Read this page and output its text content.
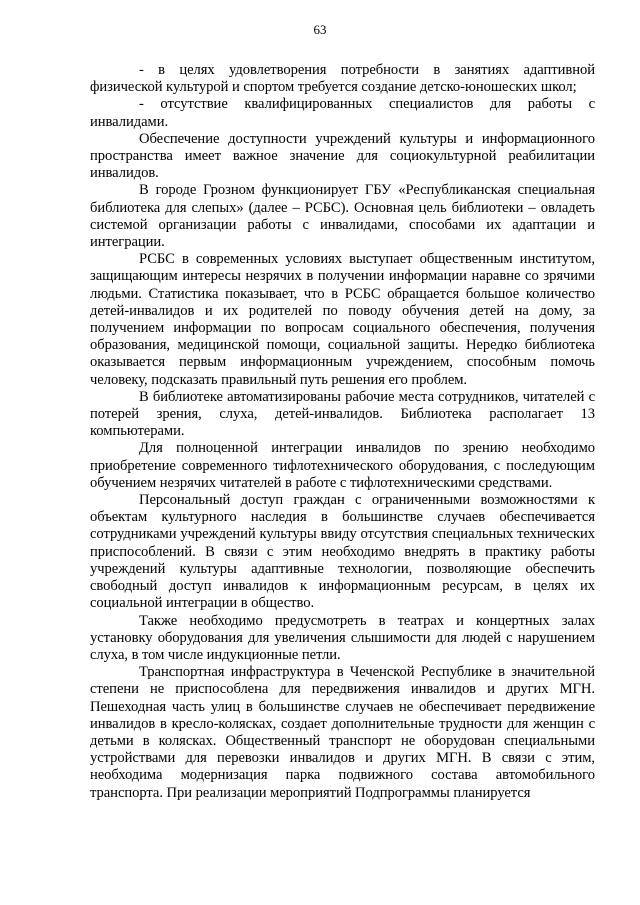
63

- в целях удовлетворения потребности в занятиях адаптивной физической культурой и спортом требуется создание детско-юношеских школ;

- отсутствие квалифицированных специалистов для работы с инвалидами.

Обеспечение доступности учреждений культуры и информационного пространства имеет важное значение для социокультурной реабилитации инвалидов.

В городе Грозном функционирует ГБУ «Республиканская специальная библиотека для слепых» (далее – РСБС). Основная цель библиотеки – овладеть системой организации работы с инвалидами, способами их адаптации и интеграции.

РСБС в современных условиях выступает общественным институтом, защищающим интересы незрячих в получении информации наравне со зрячими людьми. Статистика показывает, что в РСБС обращается большое количество детей-инвалидов и их родителей по поводу обучения детей на дому, за получением информации по вопросам социального обеспечения, получения образования, медицинской помощи, социальной защиты. Нередко библиотека оказывается первым информационным учреждением, способным помочь человеку, подсказать правильный путь решения его проблем.

В библиотеке автоматизированы рабочие места сотрудников, читателей с потерей зрения, слуха, детей-инвалидов. Библиотека располагает 13 компьютерами.

Для полноценной интеграции инвалидов по зрению необходимо приобретение современного тифлотехнического оборудования, с последующим обучением незрячих читателей в работе с тифлотехническими средствами.

Персональный доступ граждан с ограниченными возможностями к объектам культурного наследия в большинстве случаев обеспечивается сотрудниками учреждений культуры ввиду отсутствия специальных технических приспособлений. В связи с этим необходимо внедрять в практику работы учреждений культуры адаптивные технологии, позволяющие обеспечить свободный доступ инвалидов к информационным ресурсам, в целях их социальной интеграции в общество.

Также необходимо предусмотреть в театрах и концертных залах установку оборудования для увеличения слышимости для людей с нарушением слуха, в том числе индукционные петли.

Транспортная инфраструктура в Чеченской Республике в значительной степени не приспособлена для передвижения инвалидов и других МГН. Пешеходная часть улиц в большинстве случаев не обеспечивает передвижение инвалидов в кресло-колясках, создает дополнительные трудности для женщин с детьми в колясках. Общественный транспорт не оборудован специальными устройствами для перевозки инвалидов и других МГН. В связи с этим, необходима модернизация парка подвижного состава автомобильного транспорта. При реализации мероприятий Подпрограммы планируется
